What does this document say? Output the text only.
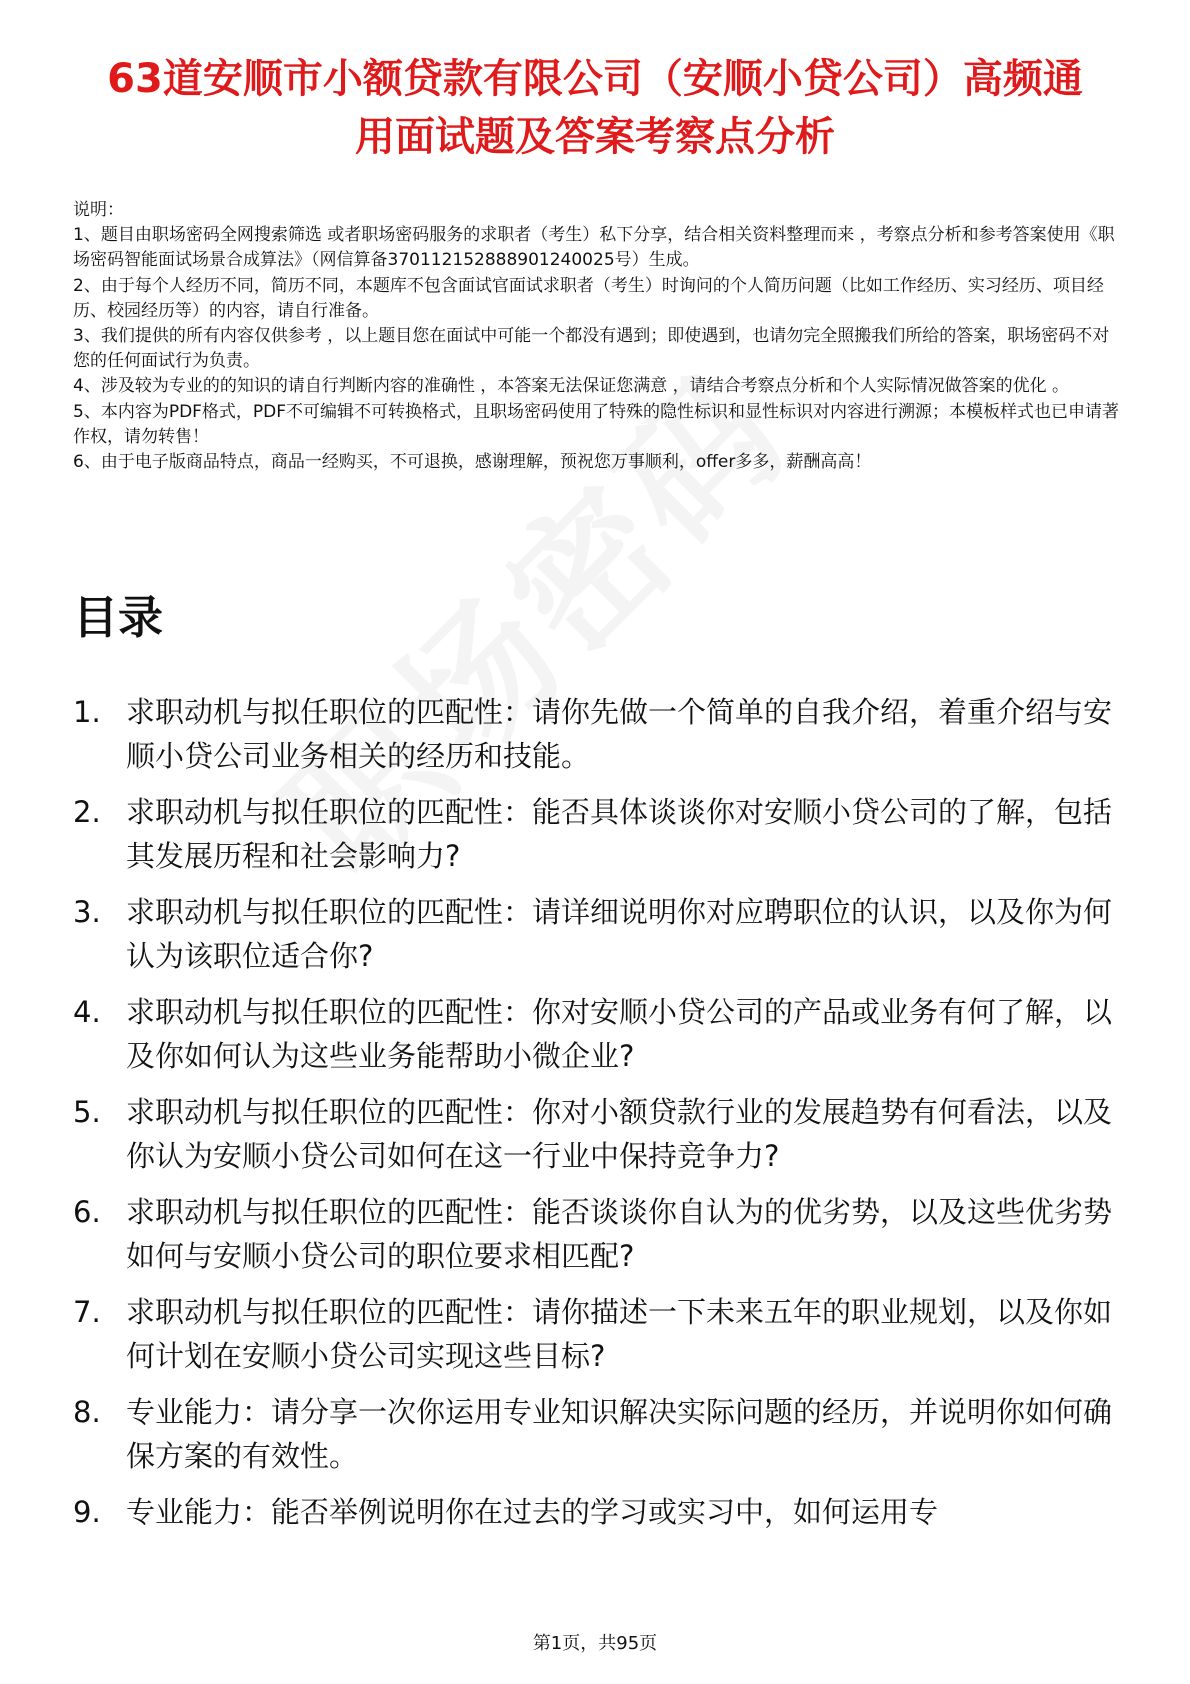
63道安顺市小额贷款有限公司（安顺小贷公司）高频通用面试题及答案考察点分析

说明：

1、题目由职场密码全网搜索筛选 或者职场密码服务的求职者（考生）私下分享，结合相关资料整理而来 ，考察点分析和参考答案使用《职场密码智能面试场景合成算法》（网信算备370112152888901240025号）生成。

2、由于每个人经历不同，简历不同，本题库不包含面试官面试求职者（考生）时询问的个人简历问题（比如工作经历、实习经历、项目经历、校园经历等）的内容，请自行准备。

3、我们提供的所有内容仅供参考 ，以上题目您在面试中可能一个都没有遇到；即使遇到，也请勿完全照搬我们所给的答案，职场密码不对您的任何面试行为负责。

4、涉及较为专业的的知识的请自行判断内容的准确性 ，本答案无法保证您满意 ，请结合考察点分析和个人实际情况做答案的优化 。

5、本内容为PDF格式，PDF不可编辑不可转换格式，且职场密码使用了特殊的隐性标识和显性标识对内容进行溯源；本模板样式也已申请著作权，请勿转售！

6、由于电子版商品特点，商品一经购买，不可退换，感谢理解，预祝您万事顺利，offer多多，薪酬高高！

目录
1. 求职动机与拟任职位的匹配性：请你先做一个简单的自我介绍，着重介绍与安顺小贷公司业务相关的经历和技能。
2. 求职动机与拟任职位的匹配性：能否具体谈谈你对安顺小贷公司的了解，包括其发展历程和社会影响力?
3. 求职动机与拟任职位的匹配性：请详细说明你对应聘职位的认识，以及你为何认为该职位适合你?
4. 求职动机与拟任职位的匹配性：你对安顺小贷公司的产品或业务有何了解，以及你如何认为这些业务能帮助小微企业?
5. 求职动机与拟任职位的匹配性：你对小额贷款行业的发展趋势有何看法，以及你认为安顺小贷公司如何在这一行业中保持竞争力?
6. 求职动机与拟任职位的匹配性：能否谈谈你自认为的优劣势，以及这些优劣势如何与安顺小贷公司的职位要求相匹配?
7. 求职动机与拟任职位的匹配性：请你描述一下未来五年的职业规划，以及你如何计划在安顺小贷公司实现这些目标?
8. 专业能力：请分享一次你运用专业知识解决实际问题的经历，并说明你如何确保方案的有效性。
9. 专业能力：能否举例说明你在过去的学习或实习中，如何运用专
第1页，共95页
